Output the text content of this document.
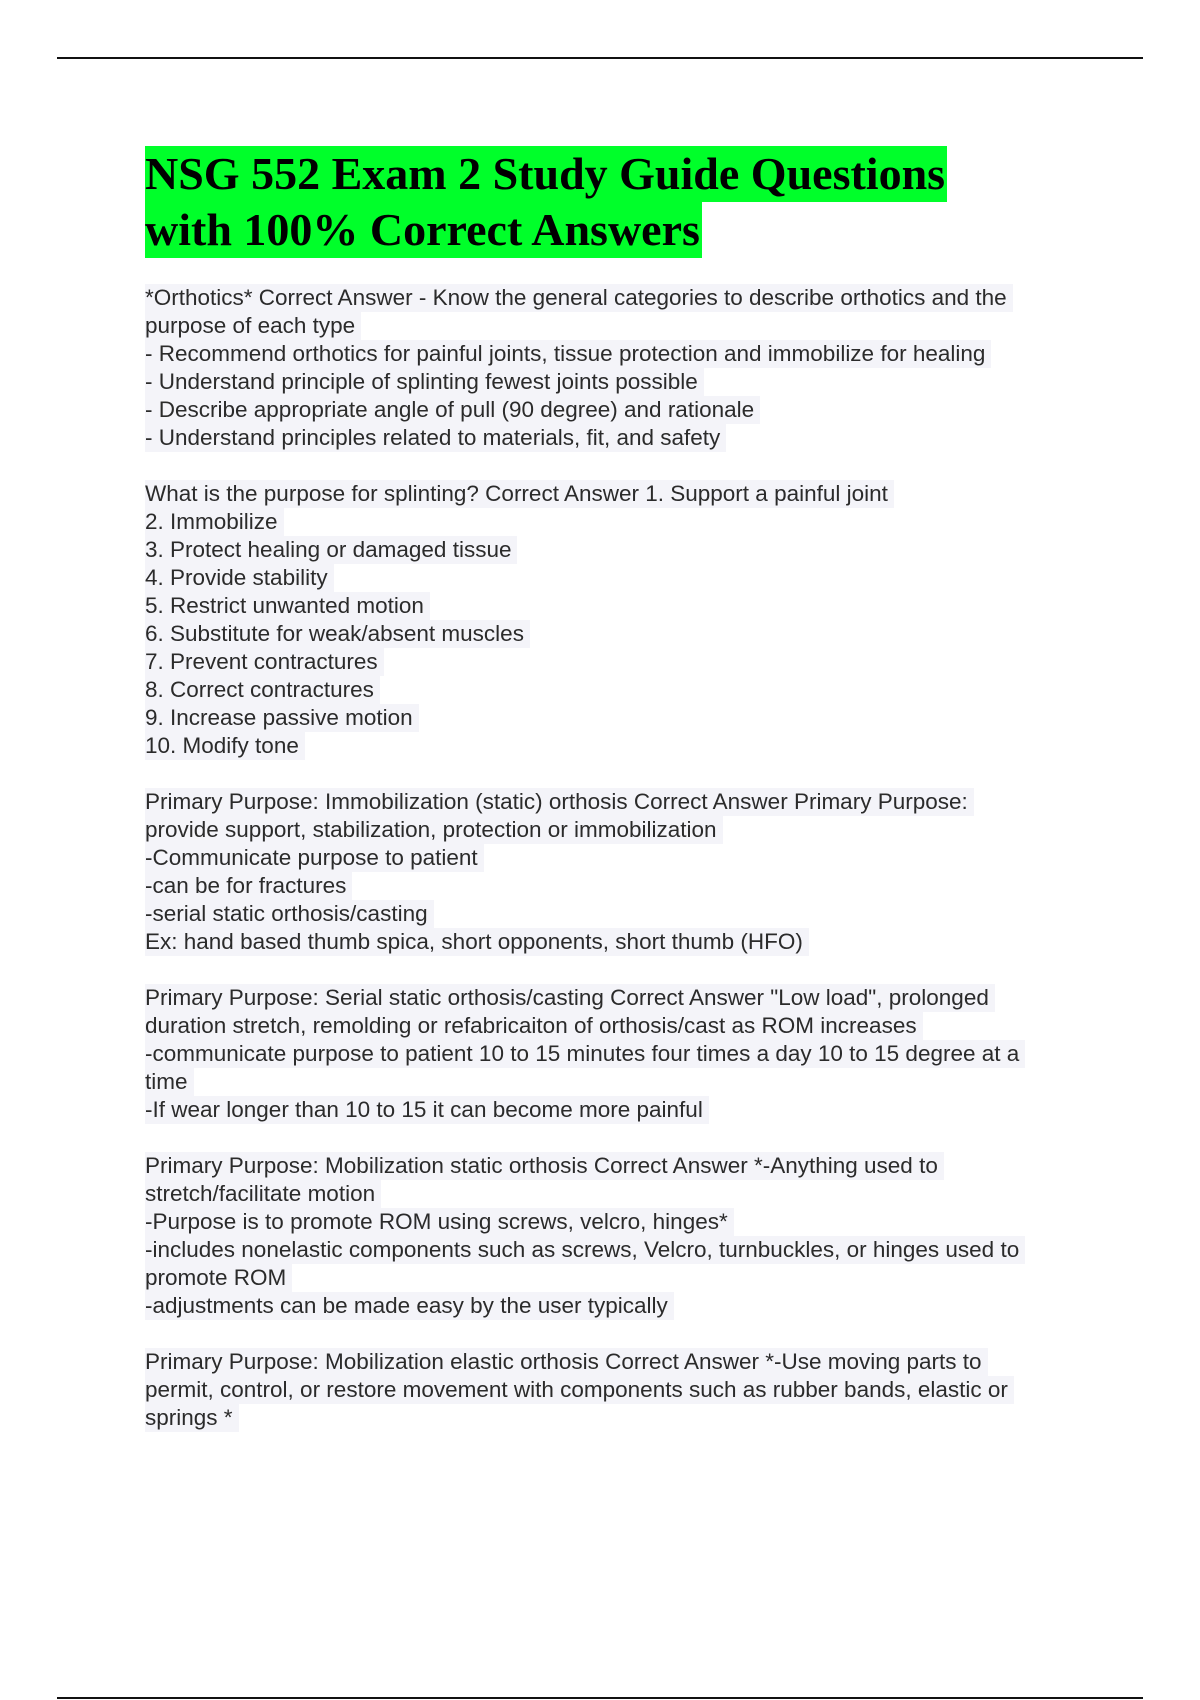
NSG 552 Exam 2 Study Guide Questions
with 100% Correct Answers
*Orthotics* Correct Answer - Know the general categories to describe orthotics and the
purpose of each type
- Recommend orthotics for painful joints, tissue protection and immobilize for healing
- Understand principle of splinting fewest joints possible
- Describe appropriate angle of pull (90 degree) and rationale
- Understand principles related to materials, fit, and safety
What is the purpose for splinting? Correct Answer 1. Support a painful joint
2. Immobilize
3. Protect healing or damaged tissue
4. Provide stability
5. Restrict unwanted motion
6. Substitute for weak/absent muscles
7. Prevent contractures
8. Correct contractures
9. Increase passive motion
10. Modify tone
Primary Purpose: Immobilization (static) orthosis Correct Answer Primary Purpose:
provide support, stabilization, protection or immobilization
-Communicate purpose to patient
-can be for fractures
-serial static orthosis/casting
Ex: hand based thumb spica, short opponents, short thumb (HFO)
Primary Purpose: Serial static orthosis/casting Correct Answer "Low load", prolonged
duration stretch, remolding or refabricaiton of orthosis/cast as ROM increases
-communicate purpose to patient 10 to 15 minutes four times a day 10 to 15 degree at a
time
-If wear longer than 10 to 15 it can become more painful
Primary Purpose: Mobilization static orthosis Correct Answer *-Anything used to
stretch/facilitate motion
-Purpose is to promote ROM using screws, velcro, hinges*
-includes nonelastic components such as screws, Velcro, turnbuckles, or hinges used to
promote ROM
-adjustments can be made easy by the user typically
Primary Purpose: Mobilization elastic orthosis Correct Answer *-Use moving parts to
permit, control, or restore movement with components such as rubber bands, elastic or
springs *
